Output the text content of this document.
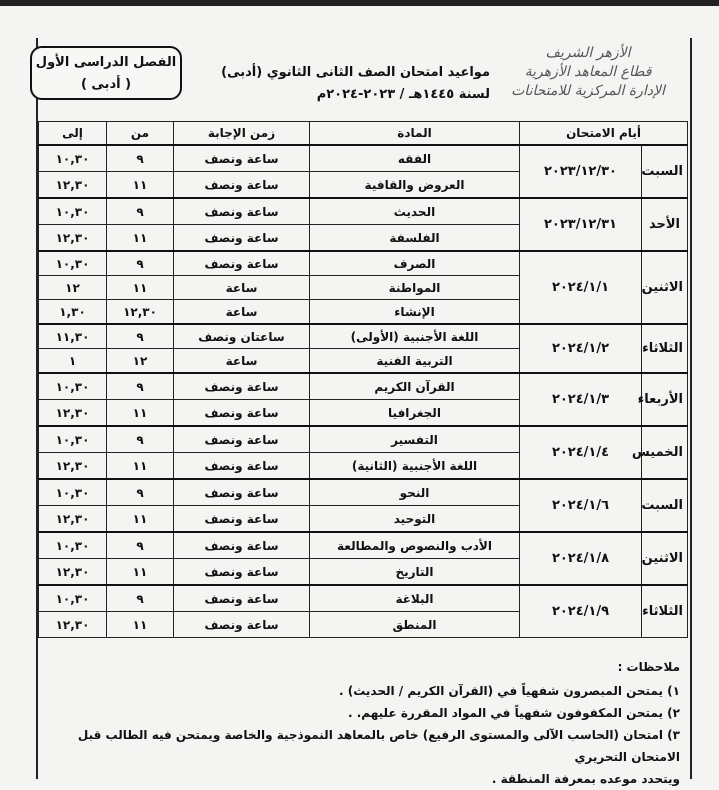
الفصل الدراسى الأول
( أدبى )
مواعيد امتحان الصف الثانى الثانوي (أدبى)
لسنة ١٤٤٥هـ / ٢٠٢٣-٢٠٢٤م
الأزهر الشريف
قطاع المعاهد الأزهرية
الإدارة المركزية للامتحانات
أيام الامتحان		المادة	زمن الإجابة	من	إلى
السبت	٢٠٢٣/١٢/٣٠	الفقه	ساعة ونصف	٩	١٠,٣٠
		العروض والقافية	ساعة ونصف	١١	١٢,٣٠
الأحد	٢٠٢٣/١٢/٣١	الحديث	ساعة ونصف	٩	١٠,٣٠
		الفلسفة	ساعة ونصف	١١	١٢,٣٠
الاثنين	٢٠٢٤/١/١	الصرف	ساعة ونصف	٩	١٠,٣٠
		المواطنة	ساعة	١١	١٢
		الإنشاء	ساعة	١٢,٣٠	١,٣٠
الثلاثاء	٢٠٢٤/١/٢	اللغة الأجنبية (الأولى)	ساعتان ونصف	٩	١١,٣٠
		التربية الفنية	ساعة	١٢	١
الأربعاء	٢٠٢٤/١/٣	القرآن الكريم	ساعة ونصف	٩	١٠,٣٠
		الجغرافيا	ساعة ونصف	١١	١٢,٣٠
الخميس	٢٠٢٤/١/٤	التفسير	ساعة ونصف	٩	١٠,٣٠
		اللغة الأجنبية (الثانية)	ساعة ونصف	١١	١٢,٣٠
السبت	٢٠٢٤/١/٦	النحو	ساعة ونصف	٩	١٠,٣٠
		التوحيد	ساعة ونصف	١١	١٢,٣٠
الاثنين	٢٠٢٤/١/٨	الأدب والنصوص والمطالعة	ساعة ونصف	٩	١٠,٣٠
		التاريخ	ساعة ونصف	١١	١٢,٣٠
الثلاثاء	٢٠٢٤/١/٩	البلاغة	ساعة ونصف	٩	١٠,٣٠
		المنطق	ساعة ونصف	١١	١٢,٣٠
ملاحظات :
١) يمتحن المبصرون شفهياً في (القرآن الكريم / الحديث) .
٢) يمتحن المكفوفون شفهياً في المواد المقررة عليهم. .
٣) امتحان (الحاسب الآلى والمستوى الرفيع) خاص بالمعاهد النموذجية والخاصة ويمتحن فيه الطالب قبل الامتحان التحريري
ويتحدد موعده بمعرفة المنطقة .
